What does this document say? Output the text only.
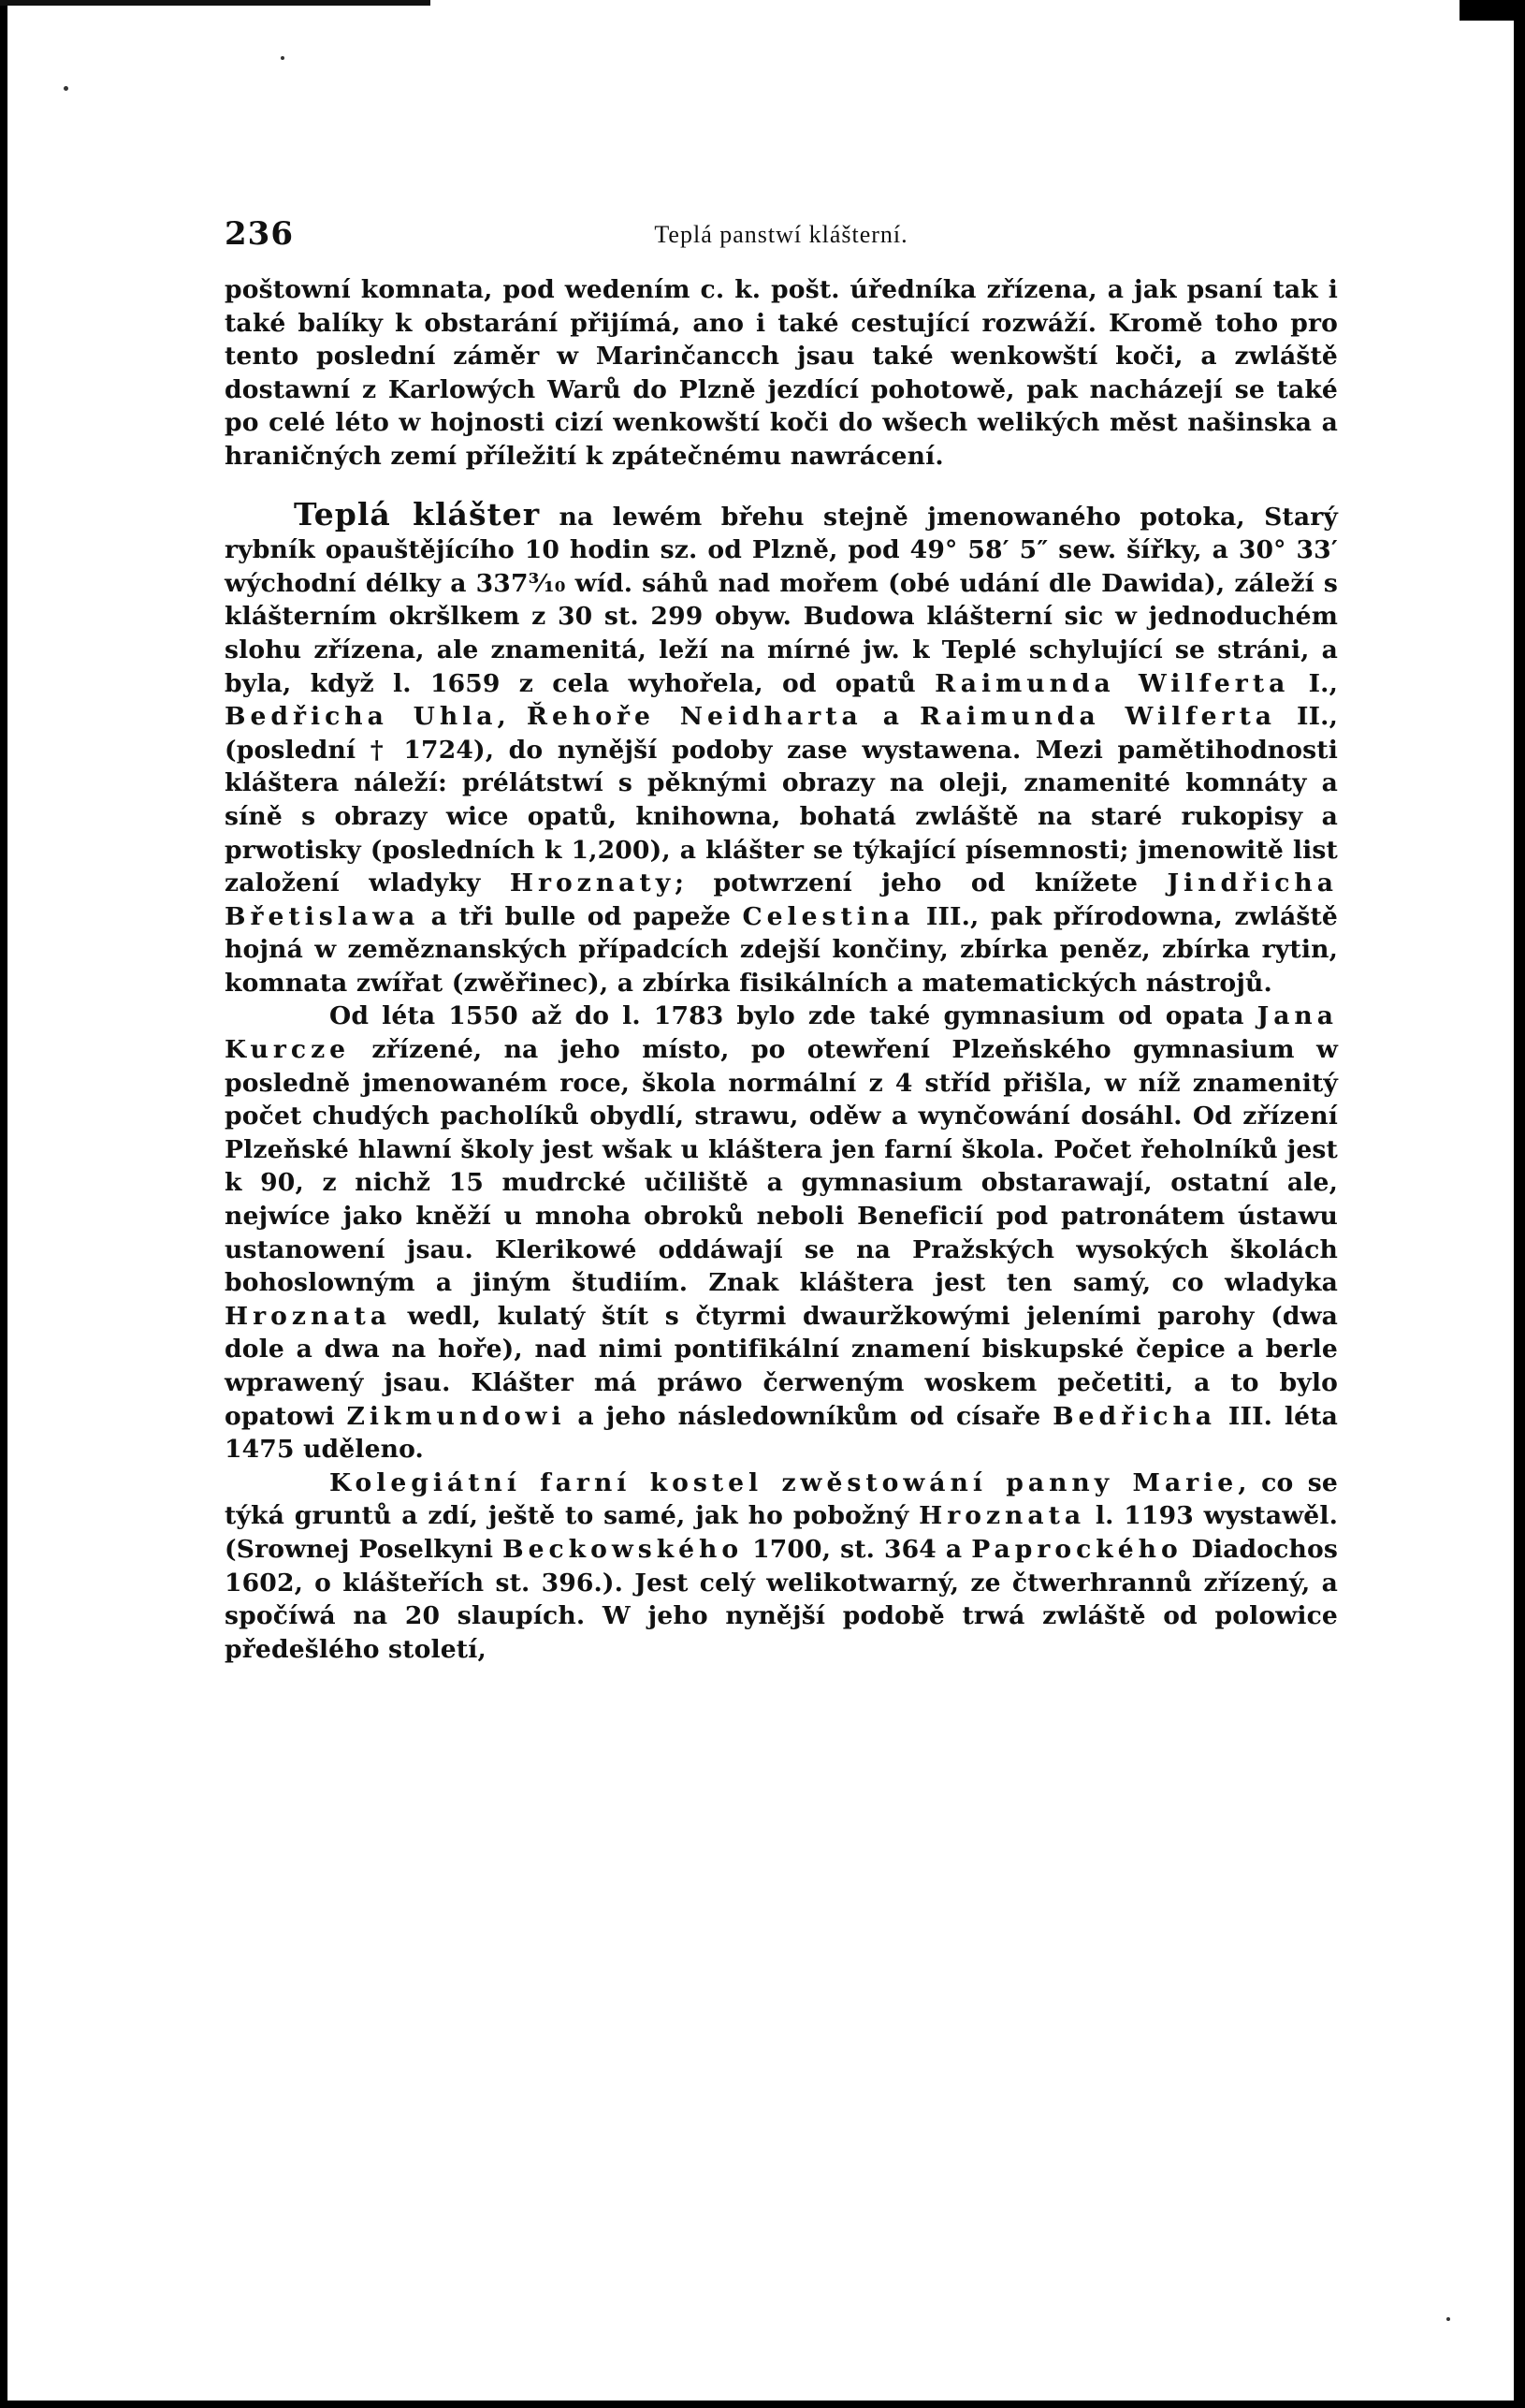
236	Teplá panstwí klášterní.

poštowní komnata, pod wedením c. k. pošt. úředníka zřízena, a jak psaní tak i také balíky k obstarání přijímá, ano i také cestující rozwáží. Kromě toho pro tento poslední záměr w Marinčancch jsau také wenkowští koči, a zwláště dostawní z Karlowých Warů do Plzně jezdící pohotowě, pak nacházejí se také po celé léto w hojnosti cizí wenkowští koči do wšech welikých měst našinska a hraničných zemí příležití k zpátečnému nawrácení.

Teplá klášter na lewém břehu stejně jmenowaného potoka, Starý rybník opauštějícího 10 hodin sz. od Plzně, pod 49° 58′ 5″ sew. šířky, a 30° 33′ wýchodní délky a 337³⁄₁₀ wíd. sáhů nad mořem (obé udání dle Dawida), záleží s klášterním okršlkem z 30 st. 299 obyw. Budowa klášterní sic w jednoduchém slohu zřízena, ale znamenitá, leží na mírné jw. k Teplé schylující se stráni, a byla, když l. 1659 z cela wyhořela, od opatů Raimunda Wilferta I., Bedřicha Uhla, Řehoře Neidharta a Raimunda Wilferta II., (poslední † 1724), do nynější podoby zase wystawena. Mezi pamětihodnosti kláštera náleží: prélátstwí s pěknými obrazy na oleji, znamenité komnáty a síně s obrazy wice opatů, knihowna, bohatá zwláště na staré rukopisy a prwotisky (posledních k 1,200), a klášter se týkající písemnosti; jmenowitě list založení wladyky Hroznaty; potwrzení jeho od knížete Jindřicha Břetislawa a tři bulle od papeže Celestina III., pak přírodowna, zwláště hojná w zeměznanských případcích zdejší končiny, zbírka peněz, zbírka rytin, komnata zwířat (zwěřinec), a zbírka fisikálních a matematických nástrojů.

Od léta 1550 až do l. 1783 bylo zde také gymnasium od opata Jana Kurcze zřízené, na jeho místo, po otewření Plzeňského gymnasium w posledně jmenowaném roce, škola normální z 4 stříd přišla, w níž znamenitý počet chudých pacholíků obydlí, strawu, oděw a wynčowání dosáhl. Od zřízení Plzeňské hlawní školy jest wšak u kláštera jen farní škola. Počet řeholníků jest k 90, z nichž 15 mudrcké učiliště a gymnasium obstarawají, ostatní ale, nejwíce jako kněží u mnoha obroků neboli Beneficií pod patronátem ústawu ustanowení jsau. Klerikowé oddáwají se na Pražských wysokých školách bohoslowným a jiným študiím. Znak kláštera jest ten samý, co wladyka Hroznata wedl, kulatý štít s čtyrmi dwauržkowými jeleními parohy (dwa dole a dwa na hoře), nad nimi pontifikální znamení biskupské čepice a berle wprawený jsau. Klášter má práwo čerweným woskem pečetiti, a to bylo opatowi Zikmundowi a jeho následowníkům od císaře Bedřicha III. léta 1475 uděleno.

Kolegiátní farní kostel zwěstowání panny Marie, co se týká gruntů a zdí, ještě to samé, jak ho pobožný Hroznata l. 1193 wystawěl. (Srownej Poselkyni Beckowského 1700, st. 364 a Paprockého Diadochos 1602, o klášteřích st. 396.). Jest celý welikotwarný, ze čtwerhrannů zřízený, a spočíwá na 20 slaupích. W jeho nynější podobě trwá zwláště od polowice předešlého století,
